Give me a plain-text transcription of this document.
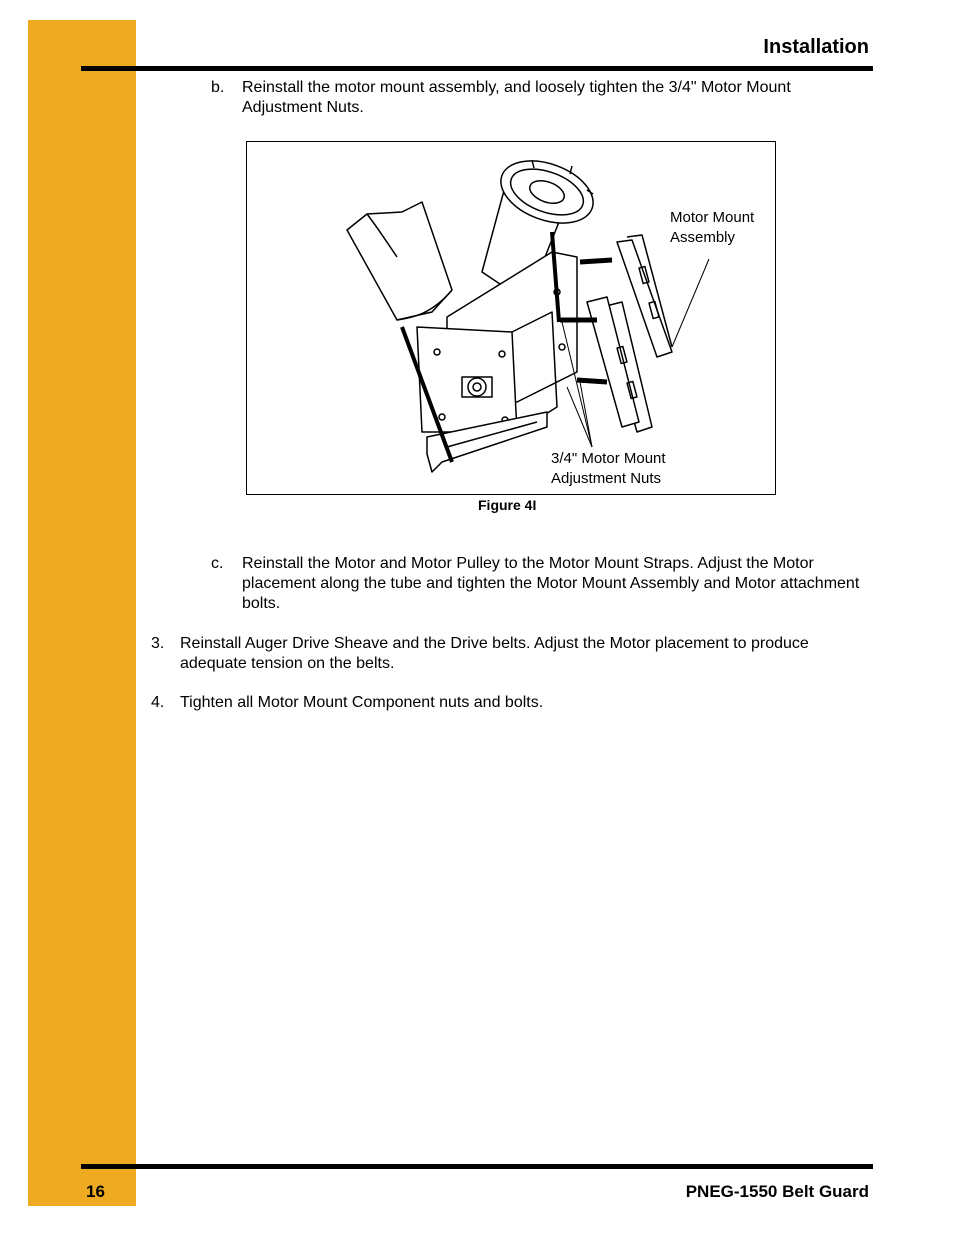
Installation
b. Reinstall the motor mount assembly, and loosely tighten the 3/4" Motor Mount Adjustment Nuts.
Motor Mount
Assembly
3/4" Motor Mount
Adjustment Nuts
Figure 4I
c. Reinstall the Motor and Motor Pulley to the Motor Mount Straps. Adjust the Motor placement along the tube and tighten the Motor Mount Assembly and Motor attachment bolts.
3. Reinstall Auger Drive Sheave and the Drive belts. Adjust the Motor placement to produce adequate tension on the belts.
4. Tighten all Motor Mount Component nuts and bolts.
16	PNEG-1550 Belt Guard
